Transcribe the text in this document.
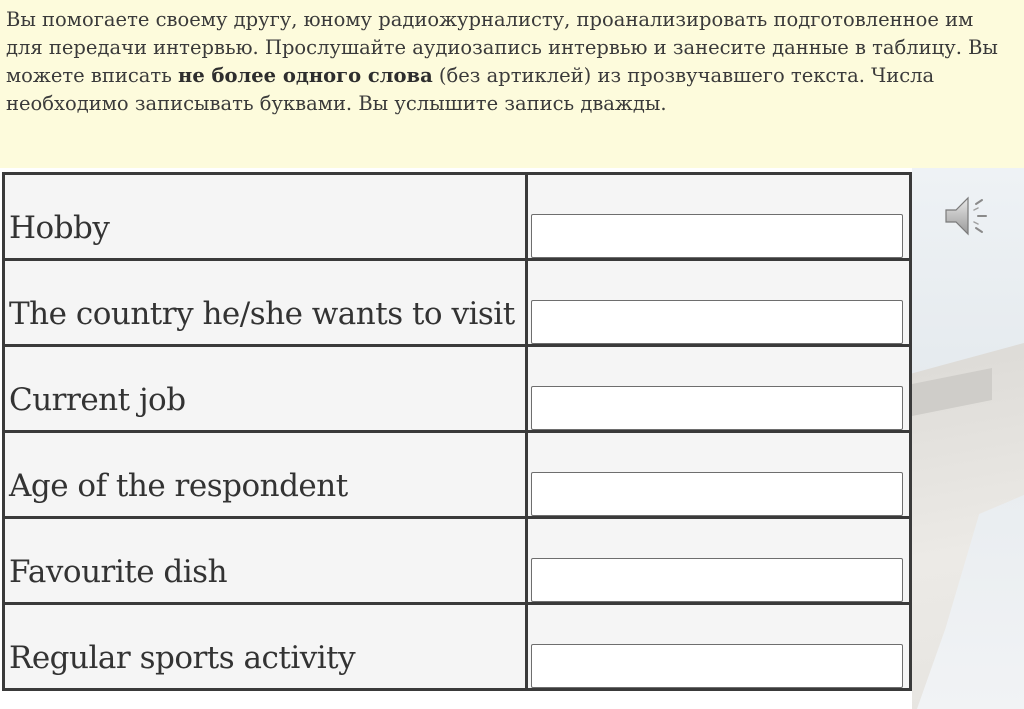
Вы помогаете своему другу, юному радиожурналисту, проанализировать подготовленное им для передачи интервью. Прослушайте аудиозапись интервью и занесите данные в таблицу. Вы можете вписать не более одного слова (без артиклей) из прозвучавшего текста. Числа необходимо записывать буквами. Вы услышите запись дважды.
Hobby

The country he/she wants to visit

Current job

Age of the respondent

Favourite dish

Regular sports activity
